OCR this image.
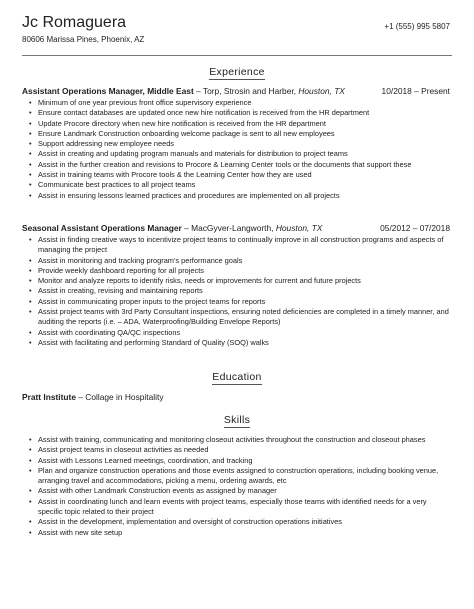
Jc Romaguera
80606 Marissa Pines, Phoenix, AZ
+1 (555) 995 5807
Experience
Assistant Operations Manager, Middle East – Torp, Strosin and Harber, Houston, TX	10/2018 – Present
• Minimum of one year previous front office supervisory experience
• Ensure contact databases are updated once new hire notification is received from the HR department
• Update Procore directory when new hire notification is received from the HR department
• Ensure Landmark Construction onboarding welcome package is sent to all new employees
• Support addressing new employee needs
• Assist in creating and updating program manuals and materials for distribution to project teams
• Assist in the further creation and revisions to Procore & Learning Center tools or the documents that support these
• Assist in training teams with Procore tools & the Learning Center how they are used
• Communicate best practices to all project teams
• Assist in ensuring lessons learned practices and procedures are implemented on all projects
Seasonal Assistant Operations Manager – MacGyver-Langworth, Houston, TX	05/2012 – 07/2018
• Assist in finding creative ways to incentivize project teams to continually improve in all construction programs and aspects of managing the project
• Assist in monitoring and tracking program's performance goals
• Provide weekly dashboard reporting for all projects
• Monitor and analyze reports to identify risks, needs or improvements for current and future projects
• Assist in creating, revising and maintaining reports
• Assist in communicating proper inputs to the project teams for reports
• Assist project teams with 3rd Party Consultant inspections, ensuring noted deficiencies are completed in a timely manner, and auditing the reports (i.e. – ADA, Waterproofing/Building Envelope Reports)
• Assist with coordinating QA/QC inspections
• Assist with facilitating and performing Standard of Quality (SOQ) walks
Education
Pratt Institute – Collage in Hospitality
Skills
• Assist with training, communicating and monitoring closeout activities throughout the construction and closeout phases
• Assist project teams in closeout activities as needed
• Assist with Lessons Learned meetings, coordination, and tracking
• Plan and organize construction operations and those events assigned to construction operations, including booking venue, arranging travel and accommodations, picking a menu, ordering awards, etc
• Assist with other Landmark Construction events as assigned by manager
• Assist in coordinating lunch and learn events with project teams, especially those teams with identified needs for a very specific topic related to their project
• Assist in the development, implementation and oversight of construction operations initiatives
• Assist with new site setup
